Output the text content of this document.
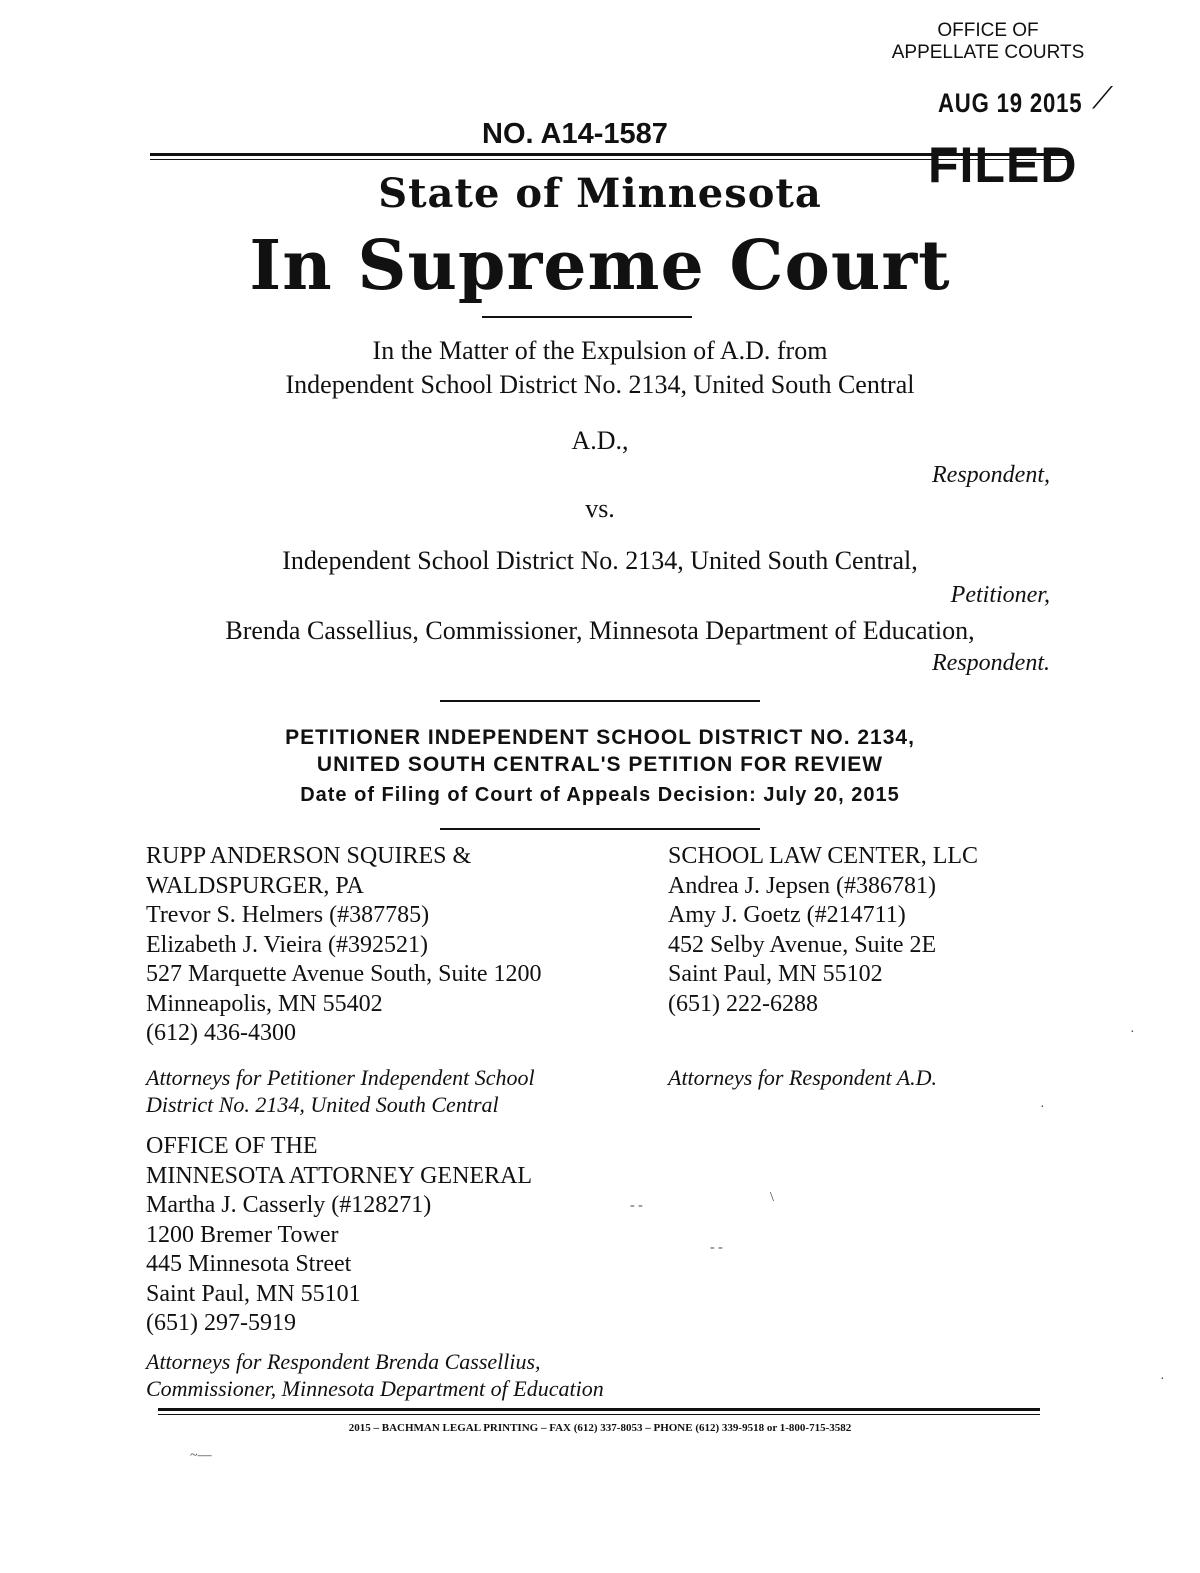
OFFICE OF
APPELLATE COURTS
AUG 19 2015 ⟋
FILED
NO. A14-1587
State of Minnesota
In Supreme Court
In the Matter of the Expulsion of A.D. from
Independent School District No. 2134, United South Central
A.D.,
Respondent,
vs.
Independent School District No. 2134, United South Central,
Petitioner,
Brenda Cassellius, Commissioner, Minnesota Department of Education,
Respondent.
PETITIONER INDEPENDENT SCHOOL DISTRICT NO. 2134,
UNITED SOUTH CENTRAL'S PETITION FOR REVIEW
Date of Filing of Court of Appeals Decision: July 20, 2015
RUPP ANDERSON SQUIRES &
WALDSPURGER, PA
Trevor S. Helmers (#387785)
Elizabeth J. Vieira (#392521)
527 Marquette Avenue South, Suite 1200
Minneapolis, MN 55402
(612) 436-4300
Attorneys for Petitioner Independent School
District No. 2134, United South Central
SCHOOL LAW CENTER, LLC
Andrea J. Jepsen (#386781)
Amy J. Goetz (#214711)
452 Selby Avenue, Suite 2E
Saint Paul, MN 55102
(651) 222-6288
Attorneys for Respondent A.D.
OFFICE OF THE
MINNESOTA ATTORNEY GENERAL
Martha J. Casserly (#128271)
1200 Bremer Tower
445 Minnesota Street
Saint Paul, MN 55101
(651) 297-5919
Attorneys for Respondent Brenda Cassellius,
Commissioner, Minnesota Department of Education
2015 – BACHMAN LEGAL PRINTING – FAX (612) 337-8053 – PHONE (612) 339-9518 or 1-800-715-3582
\
- -
‐ ‐
~—
·
·
·
